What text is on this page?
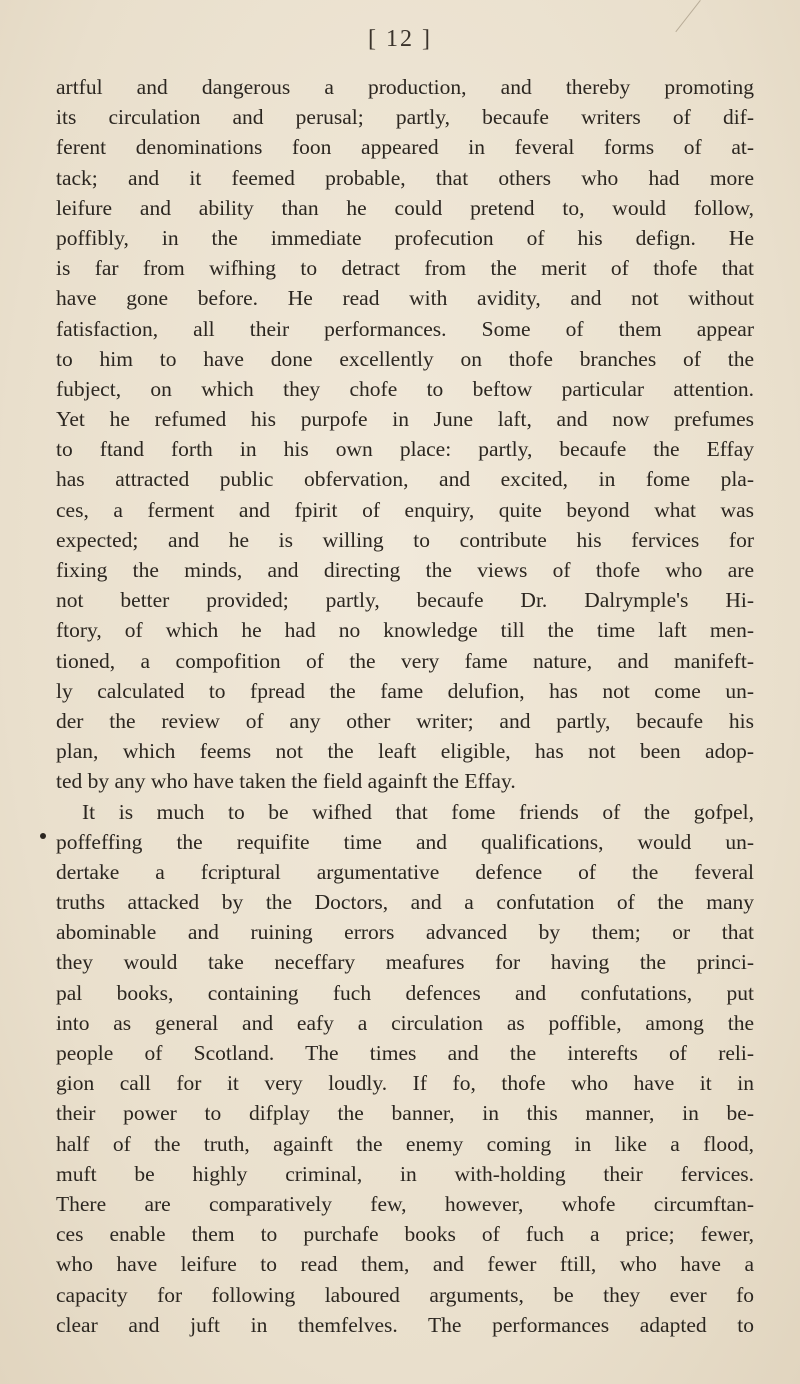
[ 12 ]
artful and dangerous a production, and thereby promoting
its circulation and perusal; partly, becaufe writers of dif-
ferent denominations foon appeared in feveral forms of at-
tack; and it feemed probable, that others who had more
leifure and ability than he could pretend to, would follow,
poffibly, in the immediate profecution of his defign. He
is far from wifhing to detract from the merit of thofe that
have gone before. He read with avidity, and not without
fatisfaction, all their performances. Some of them appear
to him to have done excellently on thofe branches of the
fubject, on which they chofe to beftow particular attention.
Yet he refumed his purpofe in June laft, and now prefumes
to ftand forth in his own place: partly, becaufe the Effay
has attracted public obfervation, and excited, in fome pla-
ces, a ferment and fpirit of enquiry, quite beyond what was
expected; and he is willing to contribute his fervices for
fixing the minds, and directing the views of thofe who are
not better provided; partly, becaufe Dr. Dalrymple's Hi-
ftory, of which he had no knowledge till the time laft men-
tioned, a compofition of the very fame nature, and manifeft-
ly calculated to fpread the fame delufion, has not come un-
der the review of any other writer; and partly, becaufe his
plan, which feems not the leaft eligible, has not been adop-
ted by any who have taken the field againft the Effay.
It is much to be wifhed that fome friends of the gofpel,
poffeffing the requifite time and qualifications, would un-
dertake a fcriptural argumentative defence of the feveral
truths attacked by the Doctors, and a confutation of the many
abominable and ruining errors advanced by them; or that
they would take neceffary meafures for having the princi-
pal books, containing fuch defences and confutations, put
into as general and eafy a circulation as poffible, among the
people of Scotland. The times and the interefts of reli-
gion call for it very loudly. If fo, thofe who have it in
their power to difplay the banner, in this manner, in be-
half of the truth, againft the enemy coming in like a flood,
muft be highly criminal, in with-holding their fervices.
There are comparatively few, however, whofe circumftan-
ces enable them to purchafe books of fuch a price; fewer,
who have leifure to read them, and fewer ftill, who have a
capacity for following laboured arguments, be they ever fo
clear and juft in themfelves. The performances adapted to
